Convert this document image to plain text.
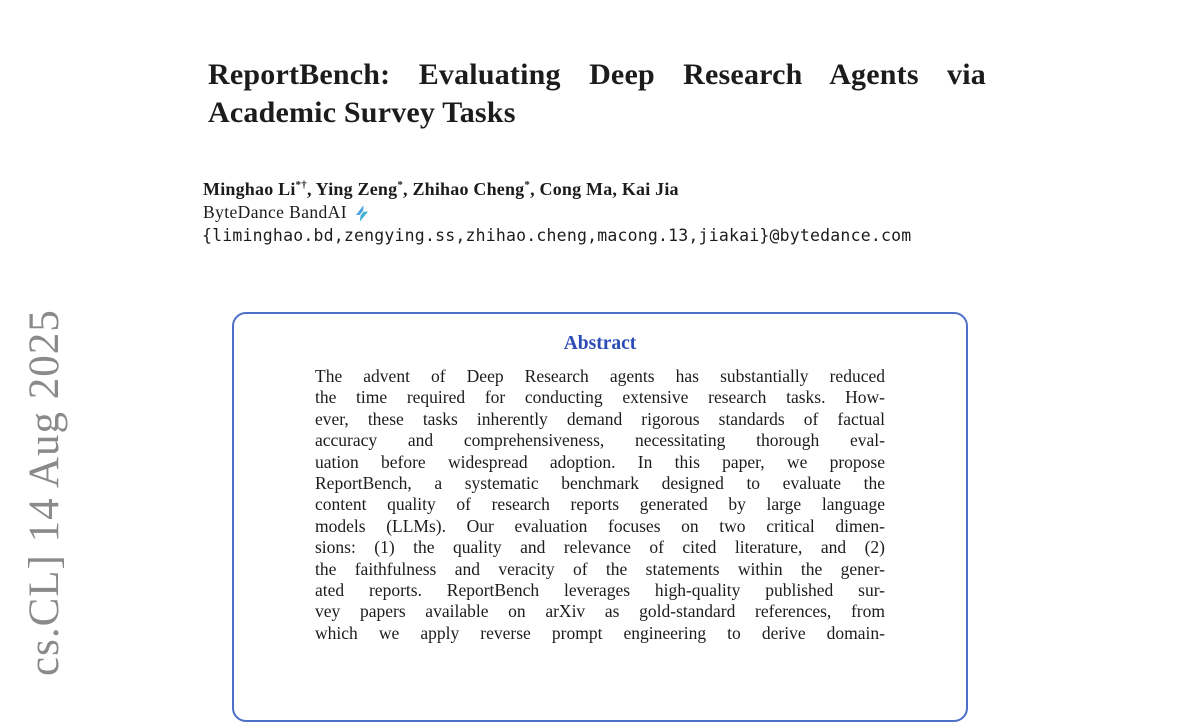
cs.CL] 14 Aug 2025
ReportBench: Evaluating Deep Research Agents via
Academic Survey Tasks
Minghao Li*†, Ying Zeng*, Zhihao Cheng*, Cong Ma, Kai Jia
ByteDance BandAI
{liminghao.bd,zengying.ss,zhihao.cheng,macong.13,jiakai}@bytedance.com
Abstract
The advent of Deep Research agents has substantially reduced
the time required for conducting extensive research tasks. How-
ever, these tasks inherently demand rigorous standards of factual
accuracy and comprehensiveness, necessitating thorough eval-
uation before widespread adoption. In this paper, we propose
ReportBench, a systematic benchmark designed to evaluate the
content quality of research reports generated by large language
models (LLMs). Our evaluation focuses on two critical dimen-
sions: (1) the quality and relevance of cited literature, and (2)
the faithfulness and veracity of the statements within the gener-
ated reports. ReportBench leverages high-quality published sur-
vey papers available on arXiv as gold-standard references, from
which we apply reverse prompt engineering to derive domain-
